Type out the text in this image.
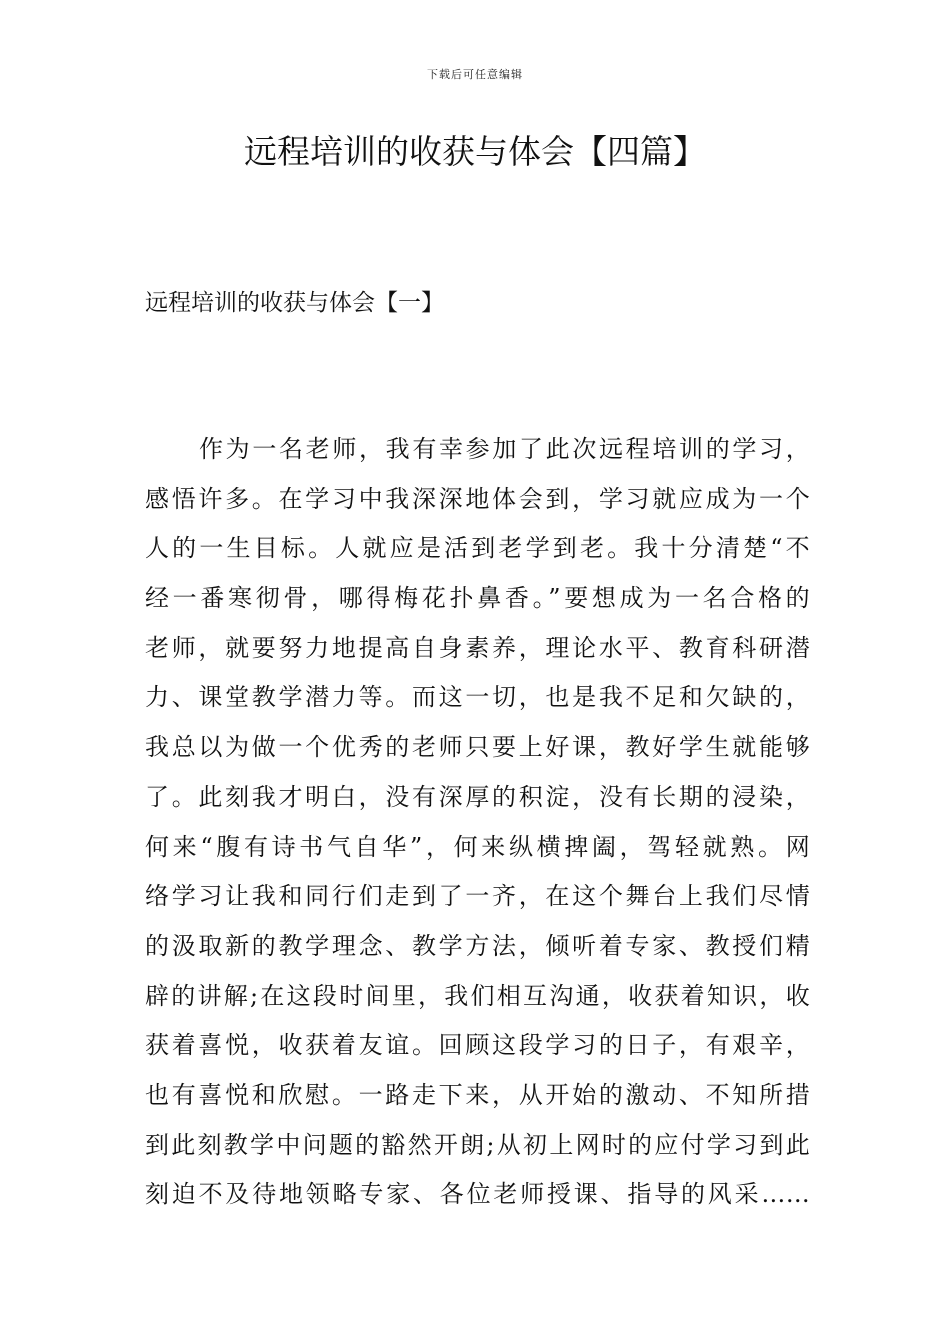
下载后可任意编辑
远程培训的收获与体会【四篇】
远程培训的收获与体会【一】
作为一名老师，我有幸参加了此次远程培训的学习，
感悟许多。在学习中我深深地体会到，学习就应成为一个
人的一生目标。人就应是活到老学到老。我十分清楚“不
经一番寒彻骨，哪得梅花扑鼻香。”要想成为一名合格的
老师，就要努力地提高自身素养，理论水平、教育科研潜
力、课堂教学潜力等。而这一切，也是我不足和欠缺的，
我总以为做一个优秀的老师只要上好课，教好学生就能够
了。此刻我才明白，没有深厚的积淀，没有长期的浸染，
何来“腹有诗书气自华”，何来纵横捭阖，驾轻就熟。网
络学习让我和同行们走到了一齐，在这个舞台上我们尽情
的汲取新的教学理念、教学方法，倾听着专家、教授们精
辟的讲解;在这段时间里，我们相互沟通，收获着知识，收
获着喜悦，收获着友谊。回顾这段学习的日子，有艰辛，
也有喜悦和欣慰。一路走下来，从开始的激动、不知所措
到此刻教学中问题的豁然开朗;从初上网时的应付学习到此
刻迫不及待地领略专家、各位老师授课、指导的风采……
